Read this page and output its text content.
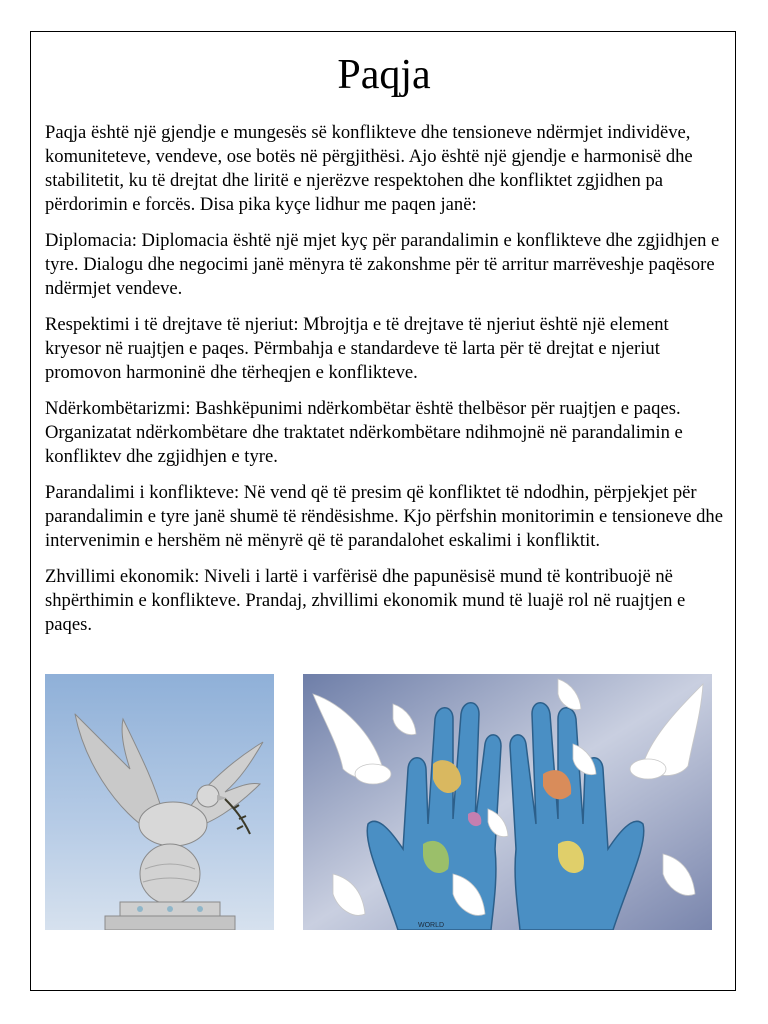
Paqja

Paqja është një gjendje e mungesës së konflikteve dhe tensioneve ndërmjet individëve, komuniteteve, vendeve, ose botës në përgjithësi. Ajo është një gjendje e harmonisë dhe stabilitetit, ku të drejtat dhe liritë e njerëzve respektohen dhe konfliktet zgjidhen pa përdorimin e forcës. Disa pika kyçe lidhur me paqen janë:

Diplomacia: Diplomacia është një mjet kyç për parandalimin e konflikteve dhe zgjidhjen e tyre. Dialogu dhe negocimi janë mënyra të zakonshme për të arritur marrëveshje paqësore ndërmjet vendeve.

Respektimi i të drejtave të njeriut: Mbrojtja e të drejtave të njeriut është një element kryesor në ruajtjen e paqes. Përmbahja e standardeve të larta për të drejtat e njeriut promovon harmoninë dhe tërheqjen e konflikteve.

Ndërkombëtarizmi: Bashkëpunimi ndërkombëtar është thelbësor për ruajtjen e paqes. Organizatat ndërkombëtare dhe traktatet ndërkombëtare ndihmojnë në parandalimin e konfliktev dhe zgjidhjen e tyre.

Parandalimi i konflikteve: Në vend që të presim që konfliktet të ndodhin, përpjekjet për parandalimin e tyre janë shumë të rëndësishme. Kjo përfshin monitorimin e tensioneve dhe intervenimin e hershëm në mënyrë që të parandalohet eskalimi i konfliktit.

Zhvillimi ekonomik: Niveli i lartë i varfërisë dhe papunësisë mund të kontribuojë në shpërthimin e konflikteve. Prandaj, zhvillimi ekonomik mund të luajë rol në ruajtjen e paqes.

WORLD
